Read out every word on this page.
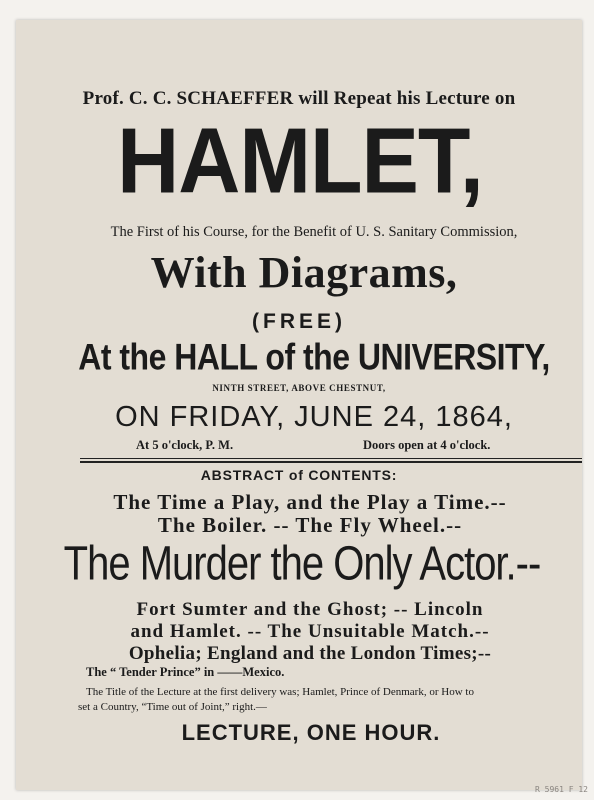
Prof. C. C. SCHAEFFER will Repeat his Lecture on
HAMLET,
The First of his Course, for the Benefit of U. S. Sanitary Commission,
With Diagrams,
(FREE)
At the HALL of the UNIVERSITY,
NINTH STREET, ABOVE CHESTNUT,
ON FRIDAY, JUNE 24, 1864,
At 5 o'clock, P. M.	Doors open at 4 o'clock.
ABSTRACT of CONTENTS:
The Time a Play, and the Play a Time.--
The Boiler. -- The Fly Wheel.--
The Murder the Only Actor.--
Fort Sumter and the Ghost; -- Lincoln
and Hamlet. -- The Unsuitable Match.--
Ophelia; England and the London Times;--
The “ Tender Prince” in ——Mexico.
The Title of the Lecture at the first delivery was; Hamlet, Prince of Denmark, or How to
set a Country, “Time out of Joint,” right.—
LECTURE, ONE HOUR.
R 5961 F 12
